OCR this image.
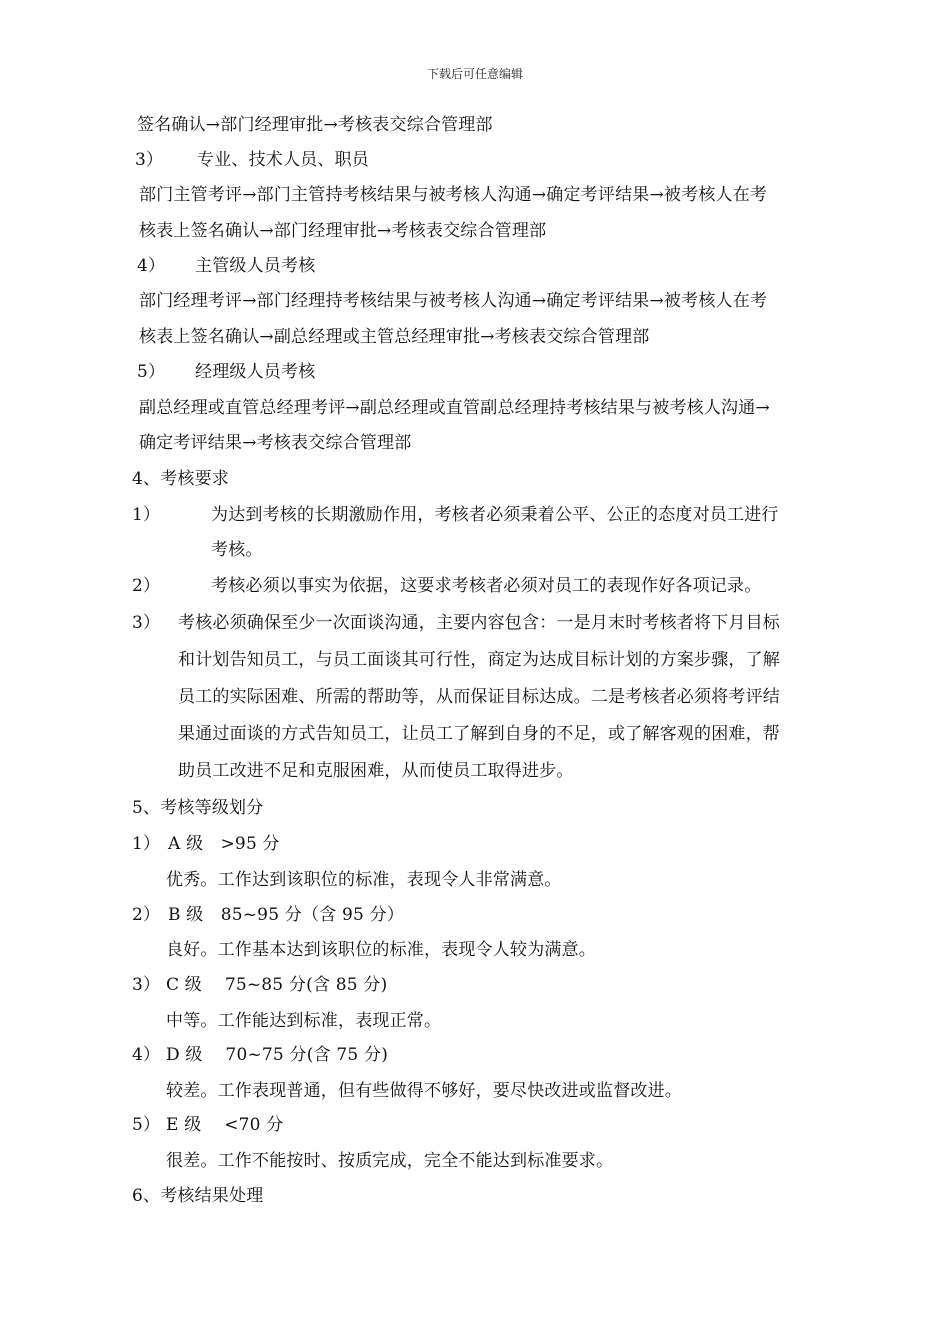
下载后可任意编辑
签名确认→部门经理审批→考核表交综合管理部
3） 专业、技术人员、职员
部门主管考评→部门主管持考核结果与被考核人沟通→确定考评结果→被考核人在考
核表上签名确认→部门经理审批→考核表交综合管理部
4） 主管级人员考核
部门经理考评→部门经理持考核结果与被考核人沟通→确定考评结果→被考核人在考
核表上签名确认→副总经理或主管总经理审批→考核表交综合管理部
5） 经理级人员考核
副总经理或直管总经理考评→副总经理或直管副总经理持考核结果与被考核人沟通→
确定考评结果→考核表交综合管理部
4、考核要求
1）	为达到考核的长期激励作用，考核者必须秉着公平、公正的态度对员工进行
考核。
2）	考核必须以事实为依据，这要求考核者必须对员工的表现作好各项记录。
3） 考核必须确保至少一次面谈沟通，主要内容包含：一是月末时考核者将下月目标
和计划告知员工，与员工面谈其可行性，商定为达成目标计划的方案步骤，了解
员工的实际困难、所需的帮助等，从而保证目标达成。二是考核者必须将考评结
果通过面谈的方式告知员工，让员工了解到自身的不足，或了解客观的困难，帮
助员工改进不足和克服困难，从而使员工取得进步。
5、考核等级划分
1） A 级　>95 分
优秀。工作达到该职位的标准，表现令人非常满意。
2） B 级　85~95 分（含 95 分）
良好。工作基本达到该职位的标准，表现令人较为满意。
3） C 级　 75~85 分(含 85 分)
中等。工作能达到标准，表现正常。
4） D 级　 70~75 分(含 75 分)
较差。工作表现普通，但有些做得不够好，要尽快改进或监督改进。
5） E 级　 <70 分
很差。工作不能按时、按质完成，完全不能达到标准要求。
6、考核结果处理
